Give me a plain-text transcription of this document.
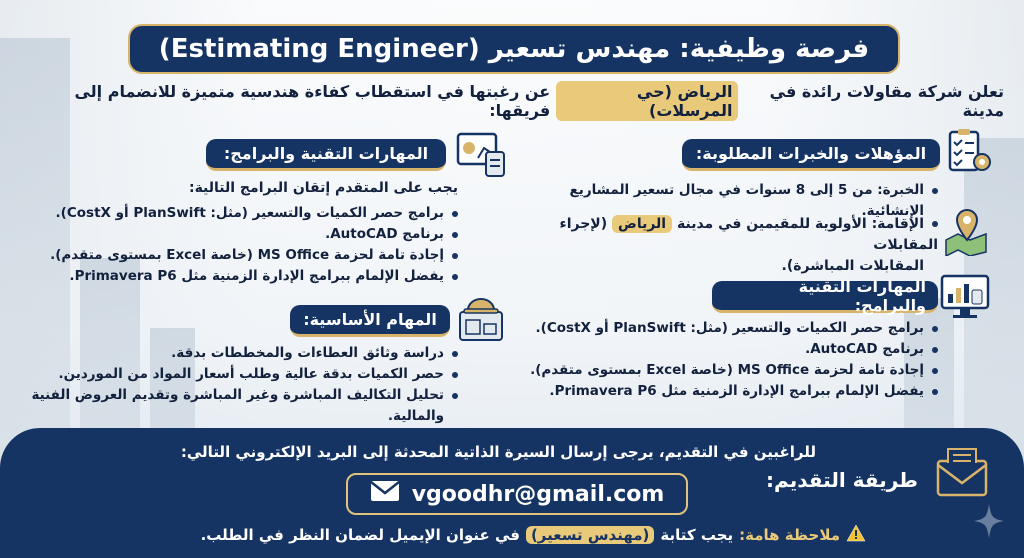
فرصة وظيفية: مهندس تسعير (Estimating Engineer)
تعلن شركة مقاولات رائدة في مدينة
الرياض (حي المرسلات)
عن رغبتها في استقطاب كفاءة هندسية متميزة للانضمام إلى فريقها:
المؤهلات والخبرات المطلوبة:
الخبرة: من 5 إلى 8 سنوات في مجال تسعير المشاريع الإنشائية.
الإقامة: الأولوية للمقيمين في مدينة الرياض (لإجراء المقابلات
المقابلات المباشرة).
المهارات التقنية والبرامج:
برامج حصر الكميات والتسعير (مثل: PlanSwift أو CostX).
برنامج AutoCAD.
إجادة تامة لحزمة MS Office (خاصة Excel بمستوى متقدم).
يفضل الإلمام ببرامج الإدارة الزمنية مثل Primavera P6.
المهارات التقنية والبرامج:
يجب على المتقدم إتقان البرامج التالية:
برامج حصر الكميات والتسعير (مثل: PlanSwift أو CostX).
برنامج AutoCAD.
إجادة تامة لحزمة MS Office (خاصة Excel بمستوى متقدم).
يفضل الإلمام ببرامج الإدارة الزمنية مثل Primavera P6.
المهام الأساسية:
دراسة وثائق العطاءات والمخططات بدقة.
حصر الكميات بدقة عالية وطلب أسعار المواد من الموردين.
تحليل التكاليف المباشرة وغير المباشرة وتقديم العروض الفنية والمالية.
طريقة التقديم:
للراغبين في التقديم، يرجى إرسال السيرة الذاتية المحدثة إلى البريد الإلكتروني التالي:
vgoodhr@gmail.com
ملاحظة هامة:
يجب كتابة
(مهندس تسعير)
في عنوان الإيميل لضمان النظر في الطلب.
